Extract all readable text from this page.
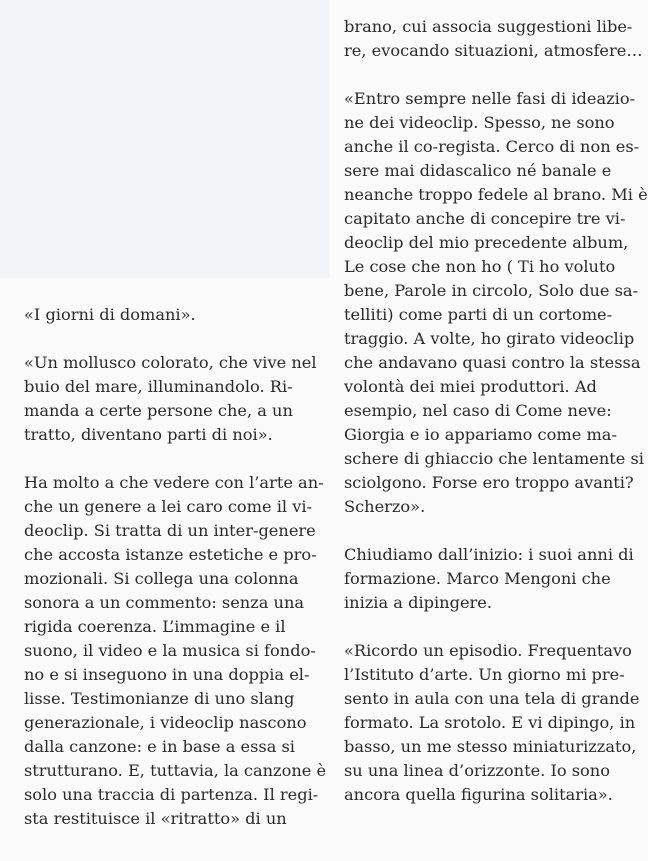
«I giorni di domani».

«Un mollusco colorato, che vive nel
buio del mare, illuminandolo. Ri-
manda a certe persone che, a un
tratto, diventano parti di noi».

Ha molto a che vedere con l’arte an-
che un genere a lei caro come il vi-
deoclip. Si tratta di un inter-genere
che accosta istanze estetiche e pro-
mozionali. Si collega una colonna
sonora a un commento: senza una
rigida coerenza. L’immagine e il
suono, il video e la musica si fondo-
no e si inseguono in una doppia el-
lisse. Testimonianze di uno slang
generazionale, i videoclip nascono
dalla canzone: e in base a essa si
strutturano. E, tuttavia, la canzone è
solo una traccia di partenza. Il regi-
sta restituisce il «ritratto» di un

brano, cui associa suggestioni libe-
re, evocando situazioni, atmosfere…

«Entro sempre nelle fasi di ideazio-
ne dei videoclip. Spesso, ne sono
anche il co-regista. Cerco di non es-
sere mai didascalico né banale e
neanche troppo fedele al brano. Mi è
capitato anche di concepire tre vi-
deoclip del mio precedente album,
Le cose che non ho ( Ti ho voluto
bene, Parole in circolo, Solo due sa-
telliti) come parti di un cortome-
traggio. A volte, ho girato videoclip
che andavano quasi contro la stessa
volontà dei miei produttori. Ad
esempio, nel caso di Come neve:
Giorgia e io appariamo come ma-
schere di ghiaccio che lentamente si
sciolgono. Forse ero troppo avanti?
Scherzo».

Chiudiamo dall’inizio: i suoi anni di
formazione. Marco Mengoni che
inizia a dipingere.

«Ricordo un episodio. Frequentavo
l’Istituto d’arte. Un giorno mi pre-
sento in aula con una tela di grande
formato. La srotolo. E vi dipingo, in
basso, un me stesso miniaturizzato,
su una linea d’orizzonte. Io sono
ancora quella figurina solitaria».
